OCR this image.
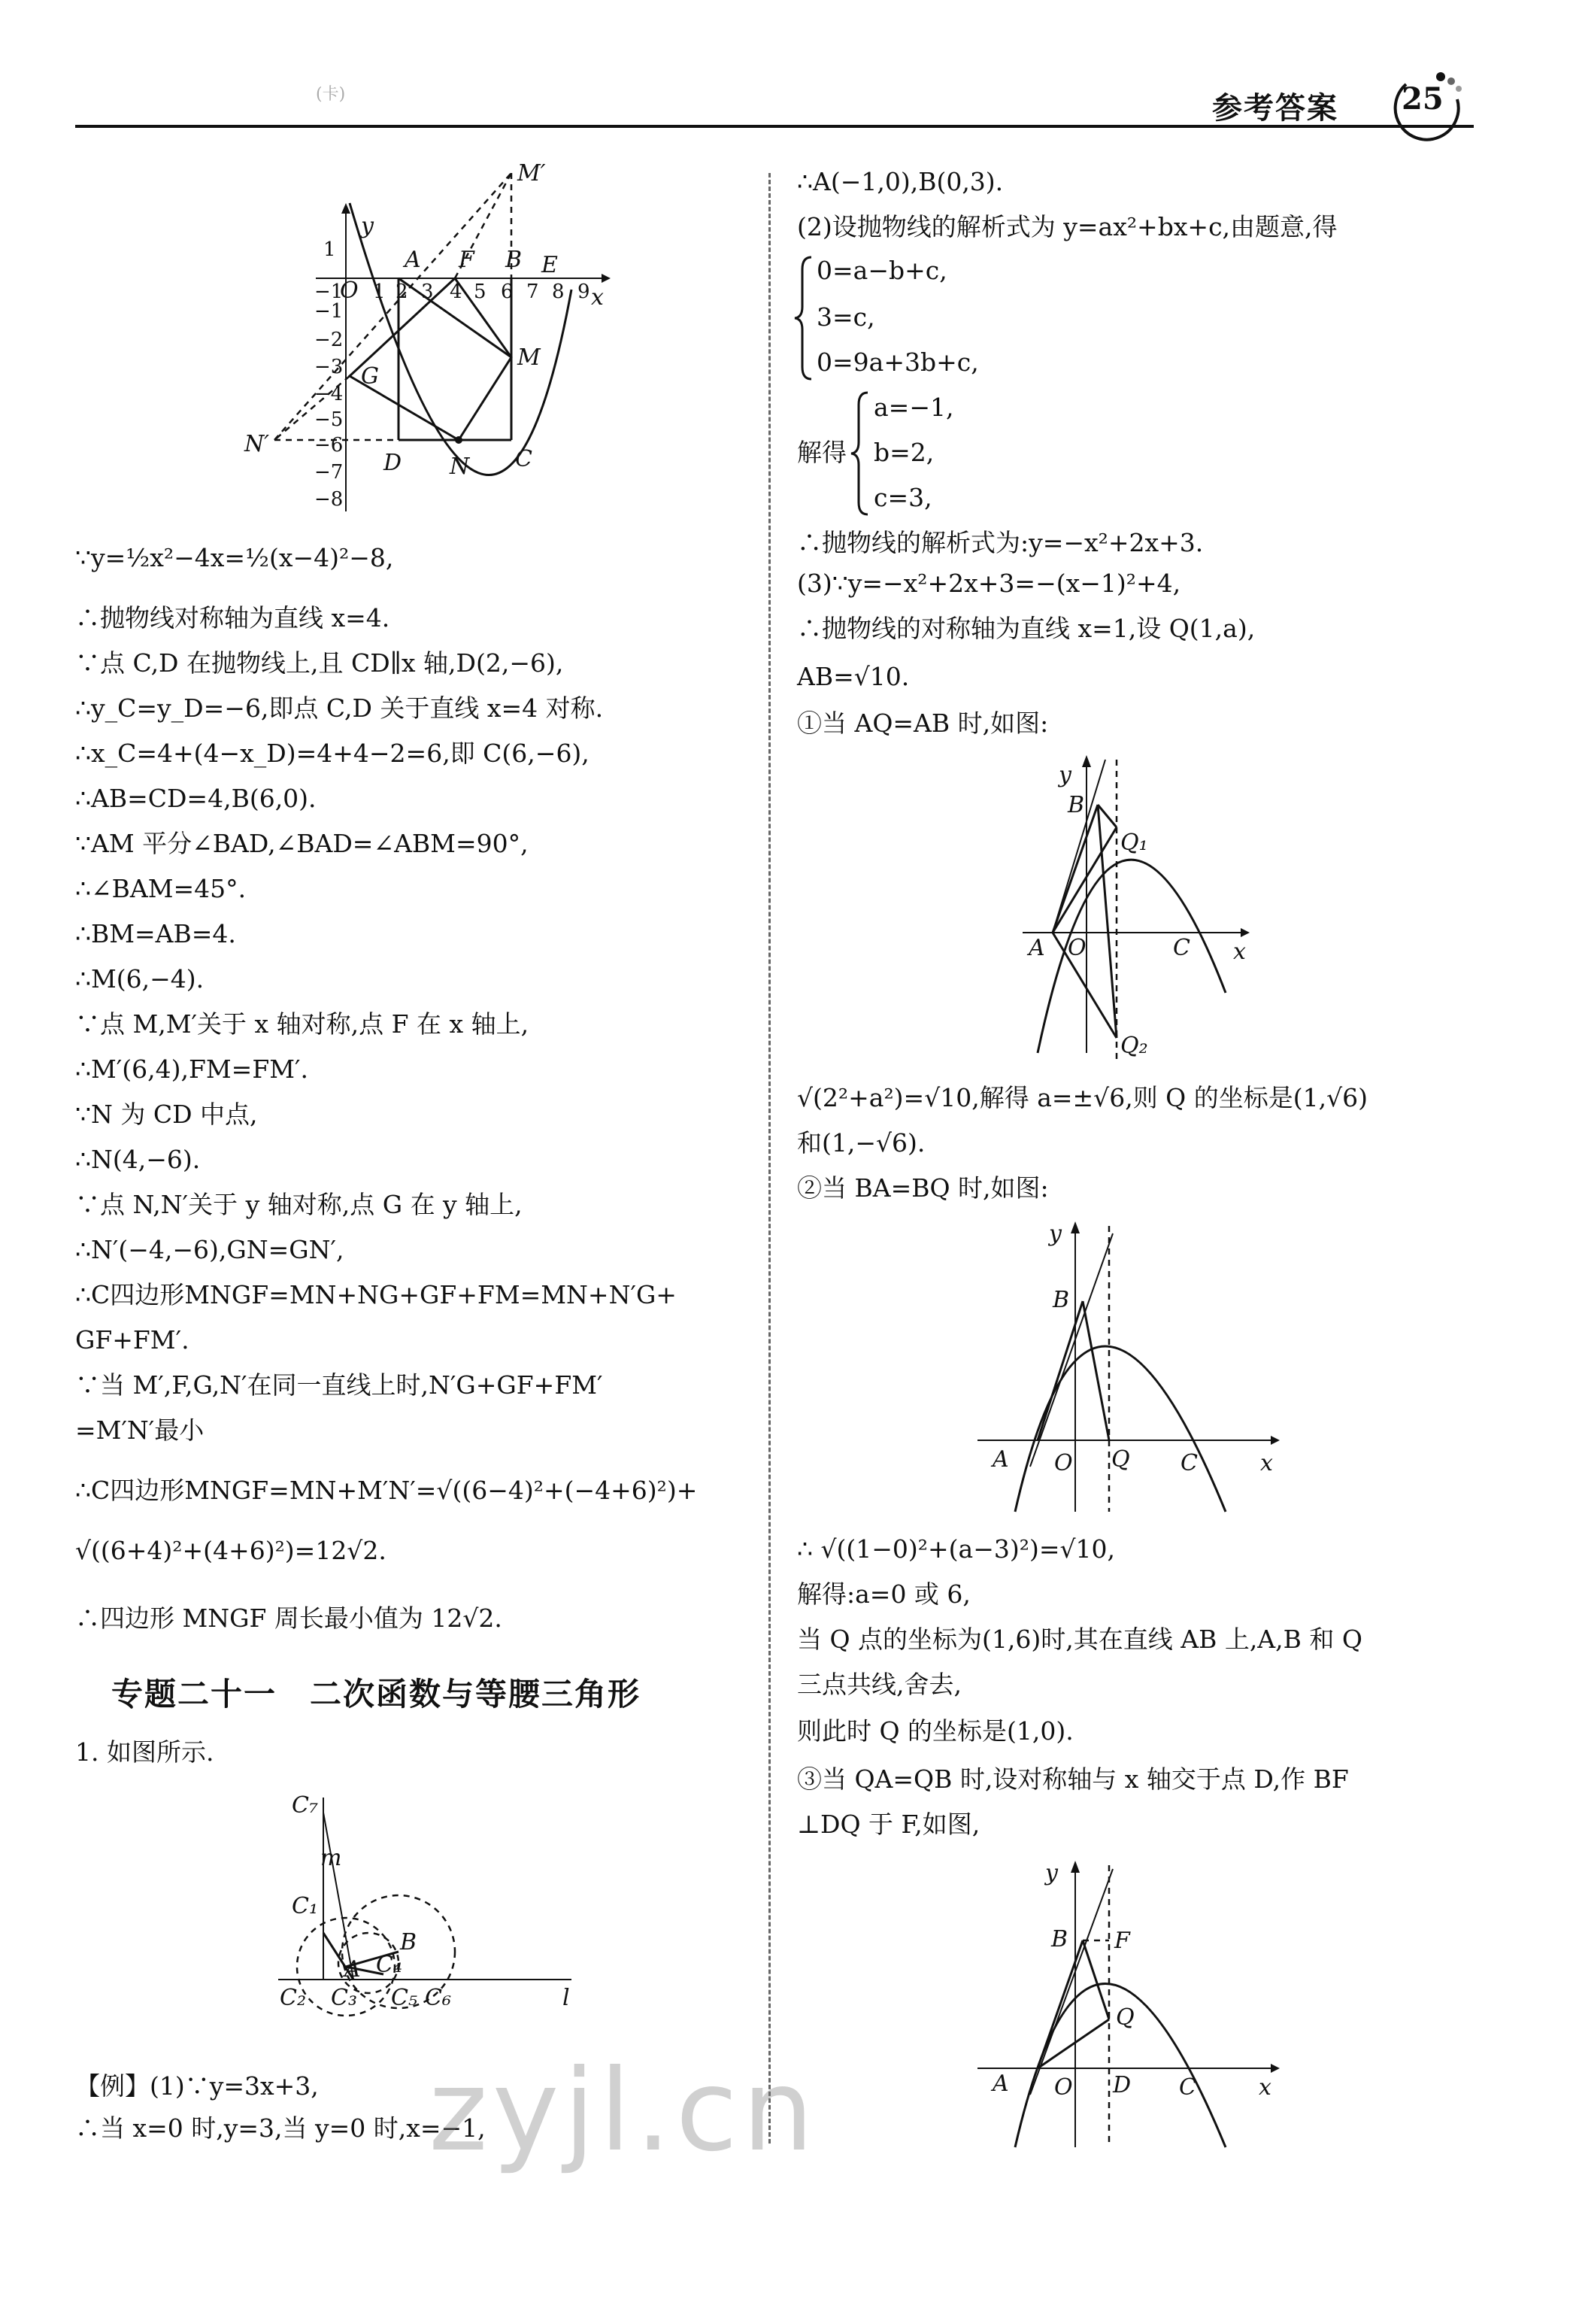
(卡)	参考答案 25
M′
y
1	A F B E
x
−1
O 1 2 3 4 5 6 7 8 9
−1
−2
−3
−4
−5
−6
−7
−8
G
M
N′
D N C
∵y=½x²−4x=½(x−4)²−8,
∴抛物线对称轴为直线 x=4.
∵点 C,D 在抛物线上,且 CD∥x 轴,D(2,−6),
∴y_C=y_D=−6,即点 C,D 关于直线 x=4 对称.
∴x_C=4+(4−x_D)=4+4−2=6,即 C(6,−6),
∴AB=CD=4,B(6,0).
∵AM 平分∠BAD,∠BAD=∠ABM=90°,
∴∠BAM=45°.
∴BM=AB=4.
∴M(6,−4).
∵点 M,M′关于 x 轴对称,点 F 在 x 轴上,
∴M′(6,4),FM=FM′.
∵N 为 CD 中点,
∴N(4,−6).
∵点 N,N′关于 y 轴对称,点 G 在 y 轴上,
∴N′(−4,−6),GN=GN′,
∴C四边形MNGF=MN+NG+GF+FM=MN+N′G+
GF+FM′.
∵当 M′,F,G,N′在同一直线上时,N′G+GF+FM′
=M′N′最小
∴C四边形MNGF=MN+M′N′=√((6−4)²+(−4+6)²)+
√((6+4)²+(4+6)²)=12√2.
∴四边形 MNGF 周长最小值为 12√2.
专题二十一　二次函数与等腰三角形
1. 如图所示.
C₇
m
C₁
B
A C₄
C₂ C₃ C₅ C₆	l
【例】(1)∵y=3x+3,
∴当 x=0 时,y=3,当 y=0 时,x=−1,
∴A(−1,0),B(0,3).
(2)设抛物线的解析式为 y=ax²+bx+c,由题意,得
0=a−b+c,
3=c,
0=9a+3b+c,
解得
a=−1,
b=2,
c=3,
∴抛物线的解析式为:y=−x²+2x+3.
(3)∵y=−x²+2x+3=−(x−1)²+4,
∴抛物线的对称轴为直线 x=1,设 Q(1,a),
AB=√10.
①当 AQ=AB 时,如图:
y
B
Q₁
A O	C x
Q₂
√(2²+a²)=√10,解得 a=±√6,则 Q 的坐标是(1,√6)
和(1,−√6).
②当 BA=BQ 时,如图:
y
B
A O Q C	x
∴ √((1−0)²+(a−3)²)=√10,
解得:a=0 或 6,
当 Q 点的坐标为(1,6)时,其在直线 AB 上,A,B 和 Q
三点共线,舍去,
则此时 Q 的坐标是(1,0).
③当 QA=QB 时,设对称轴与 x 轴交于点 D,作 BF
⊥DQ 于 F,如图,
y
B F
Q
A O D C	x
zyjl.cn
